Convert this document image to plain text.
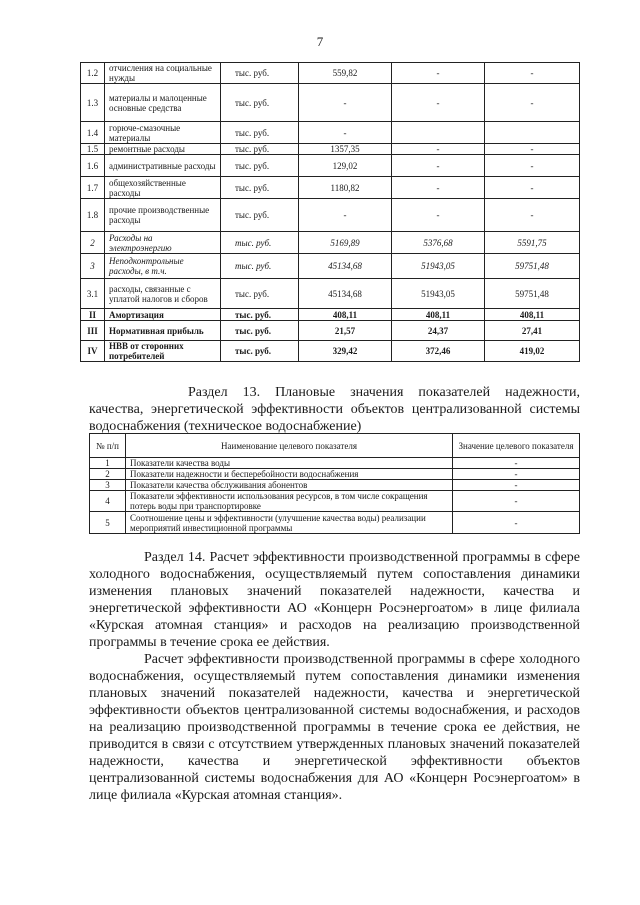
7
1.2	отчисления на социальные нужды	тыс. руб.	559,82	-	-
1.3	материалы и малоценные основные средства	тыс. руб.	-	-	-
1.4	горюче-смазочные материалы	тыс. руб.	-		
1.5	ремонтные расходы	тыс. руб.	1357,35	-	-
1.6	административные расходы	тыс. руб.	129,02	-	-
1.7	общехозяйственные расходы	тыс. руб.	1180,82	-	-
1.8	прочие производственные расходы	тыс. руб.	-	-	-
2	Расходы на электроэнергию	тыс. руб.	5169,89	5376,68	5591,75
3	Неподконтрольные расходы, в т.ч.	тыс. руб.	45134,68	51943,05	59751,48
3.1	расходы, связанные с уплатой налогов и сборов	тыс. руб.	45134,68	51943,05	59751,48
II	Амортизация	тыс. руб.	408,11	408,11	408,11
III	Нормативная прибыль	тыс. руб.	21,57	24,37	27,41
IV	НВВ от сторонних потребителей	тыс. руб.	329,42	372,46	419,02

Раздел 13. Плановые значения показателей надежности, качества, энергетической эффективности объектов централизованной системы водоснабжения (техническое водоснабжение)

№ п/п	Наименование целевого показателя	Значение целевого показателя
1	Показатели качества воды	-
2	Показатели надежности и бесперебойности водоснабжения	-
3	Показатели качества обслуживания абонентов	-
4	Показатели эффективности использования ресурсов, в том числе сокращения потерь воды при транспортировке	-
5	Соотношение цены и эффективности (улучшение качества воды) реализации мероприятий инвестиционной программы	-

Раздел 14. Расчет эффективности производственной программы в сфере холодного водоснабжения, осуществляемый путем сопоставления динамики изменения плановых значений показателей надежности, качества и энергетической эффективности АО «Концерн Росэнергоатом» в лице филиала «Курская атомная станция» и расходов на реализацию производственной программы в течение срока ее действия.

Расчет эффективности производственной программы в сфере холодного водоснабжения, осуществляемый путем сопоставления динамики изменения плановых значений показателей надежности, качества и энергетической эффективности объектов централизованной системы водоснабжения, и расходов на реализацию производственной программы в течение срока ее действия, не приводится в связи с отсутствием утвержденных плановых значений показателей надежности, качества и энергетической эффективности объектов централизованной системы водоснабжения для АО «Концерн Росэнергоатом» в лице филиала «Курская атомная станция».
